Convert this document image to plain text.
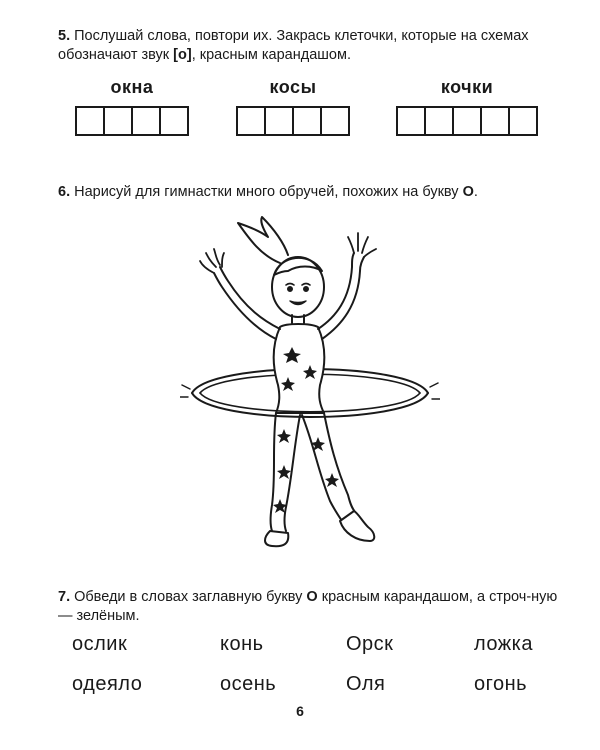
5. Послушай слова, повтори их. Закрась клеточки, которые на схемах обозначают звук [о], красным карандашом.
окна	косы	кочки
6. Нарисуй для гимнастки много обручей, похожих на букву О.
7. Обведи в словах заглавную букву О красным карандашом, а строч-ную — зелёным.
ослик	конь	Орск	ложка
одеяло	осень	Оля	огонь
6
